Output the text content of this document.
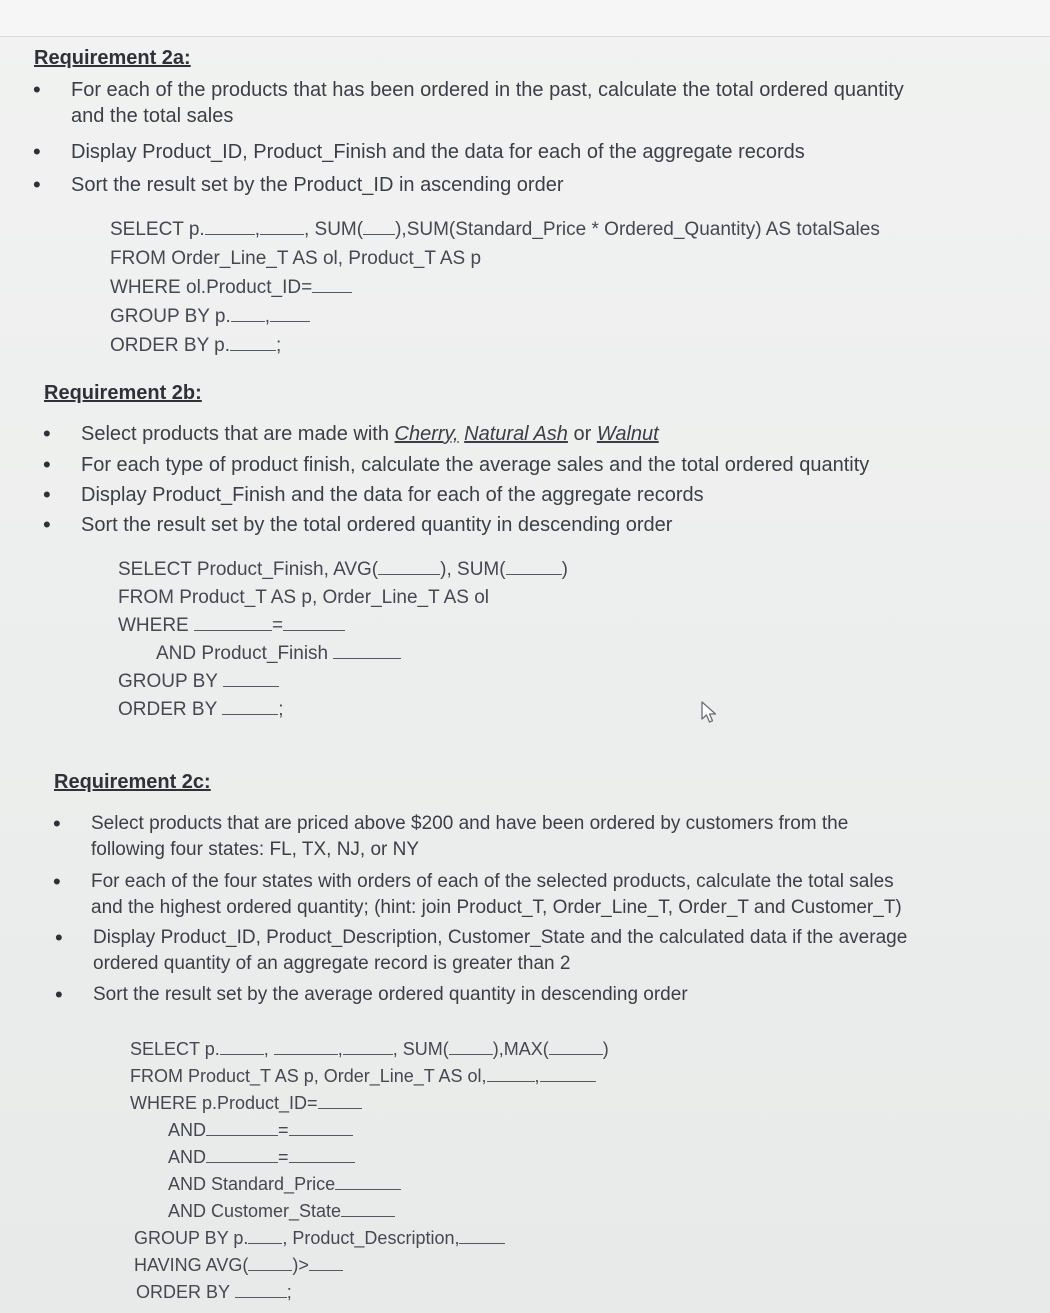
Requirement 2a:
• For each of the products that has been ordered in the past, calculate the total ordered quantity
and the total sales
• Display Product_ID, Product_Finish and the data for each of the aggregate records
• Sort the result set by the Product_ID in ascending order
SELECT p.	, , SUM( ),SUM(Standard_Price * Ordered_Quantity) AS totalSales
FROM Order_Line_T AS ol, Product_T AS p
WHERE ol.Product_ID=
GROUP BY p. ,
ORDER BY p. ;
Requirement 2b:
• Select products that are made with Cherry, Natural Ash or Walnut
• For each type of product finish, calculate the average sales and the total ordered quantity
• Display Product_Finish and the data for each of the aggregate records
• Sort the result set by the total ordered quantity in descending order
SELECT Product_Finish, AVG(	), SUM(	)
FROM Product_T AS p, Order_Line_T AS ol
WHERE	=
AND Product_Finish
GROUP BY
ORDER BY	;
Requirement 2c:
• Select products that are priced above $200 and have been ordered by customers from the
following four states: FL, TX, NJ, or NY
• For each of the four states with orders of each of the selected products, calculate the total sales
and the highest ordered quantity; (hint: join Product_T, Order_Line_T, Order_T and Customer_T)
• Display Product_ID, Product_Description, Customer_State and the calculated data if the average
ordered quantity of an aggregate record is greater than 2
• Sort the result set by the average ordered quantity in descending order
SELECT p. ,	,	, SUM( ),MAX(	)
FROM Product_T AS p, Order_Line_T AS ol,	,
WHERE p.Product_ID=
AND	=
AND	=
AND Standard_Price
AND Customer_State
GROUP BY p. , Product_Description,
HAVING AVG( )>
ORDER BY	;
